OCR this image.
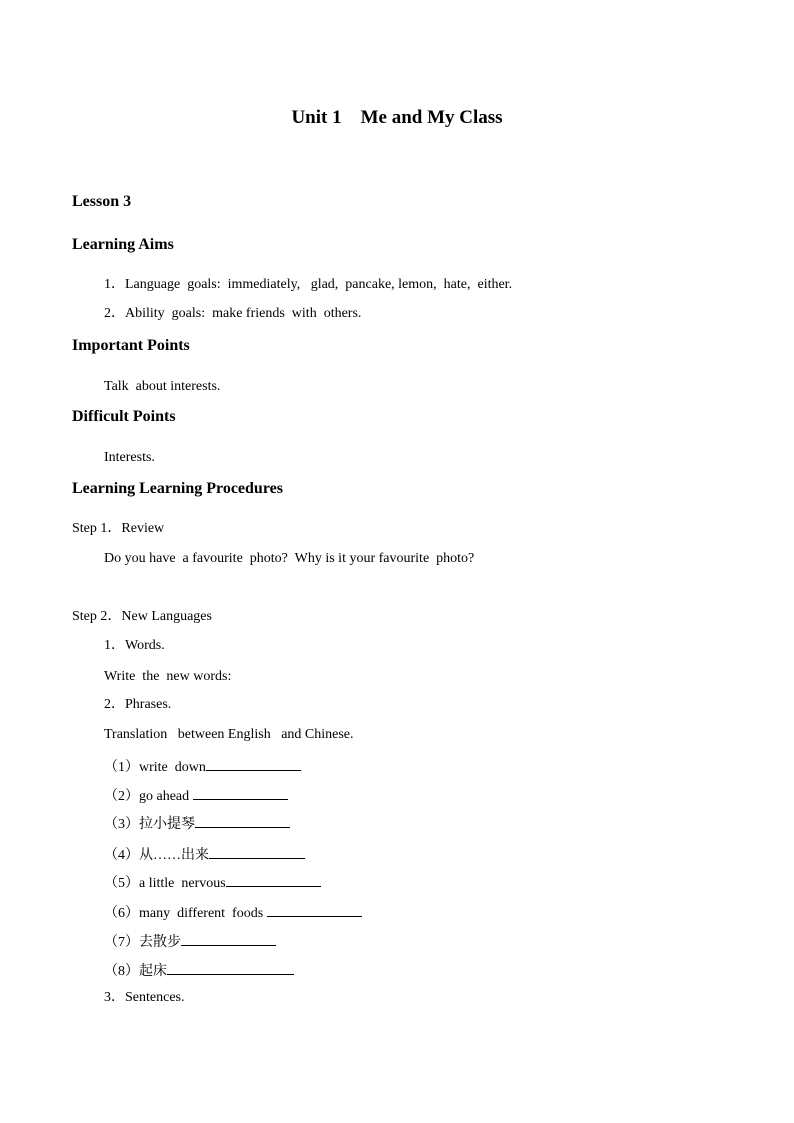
Unit 1    Me and My Class
Lesson 3
Learning Aims
1．Language  goals:  immediately,   glad,  pancake, lemon,  hate,  either.
2．Ability  goals:  make friends  with  others.
Important Points
Talk  about interests.
Difficult Points
Interests.
Learning Learning Procedures
Step 1．Review
Do you have  a favourite  photo?  Why is it your favourite  photo?
Step 2．New Languages
1．Words.
Write  the  new words:
2．Phrases.
Translation   between English   and Chinese.
（1）write  down
（2）go ahead
（3）拉小提琴
（4）从……出来
（5）a little  nervous
（6）many  different  foods
（7）去散步
（8）起床
3．Sentences.
